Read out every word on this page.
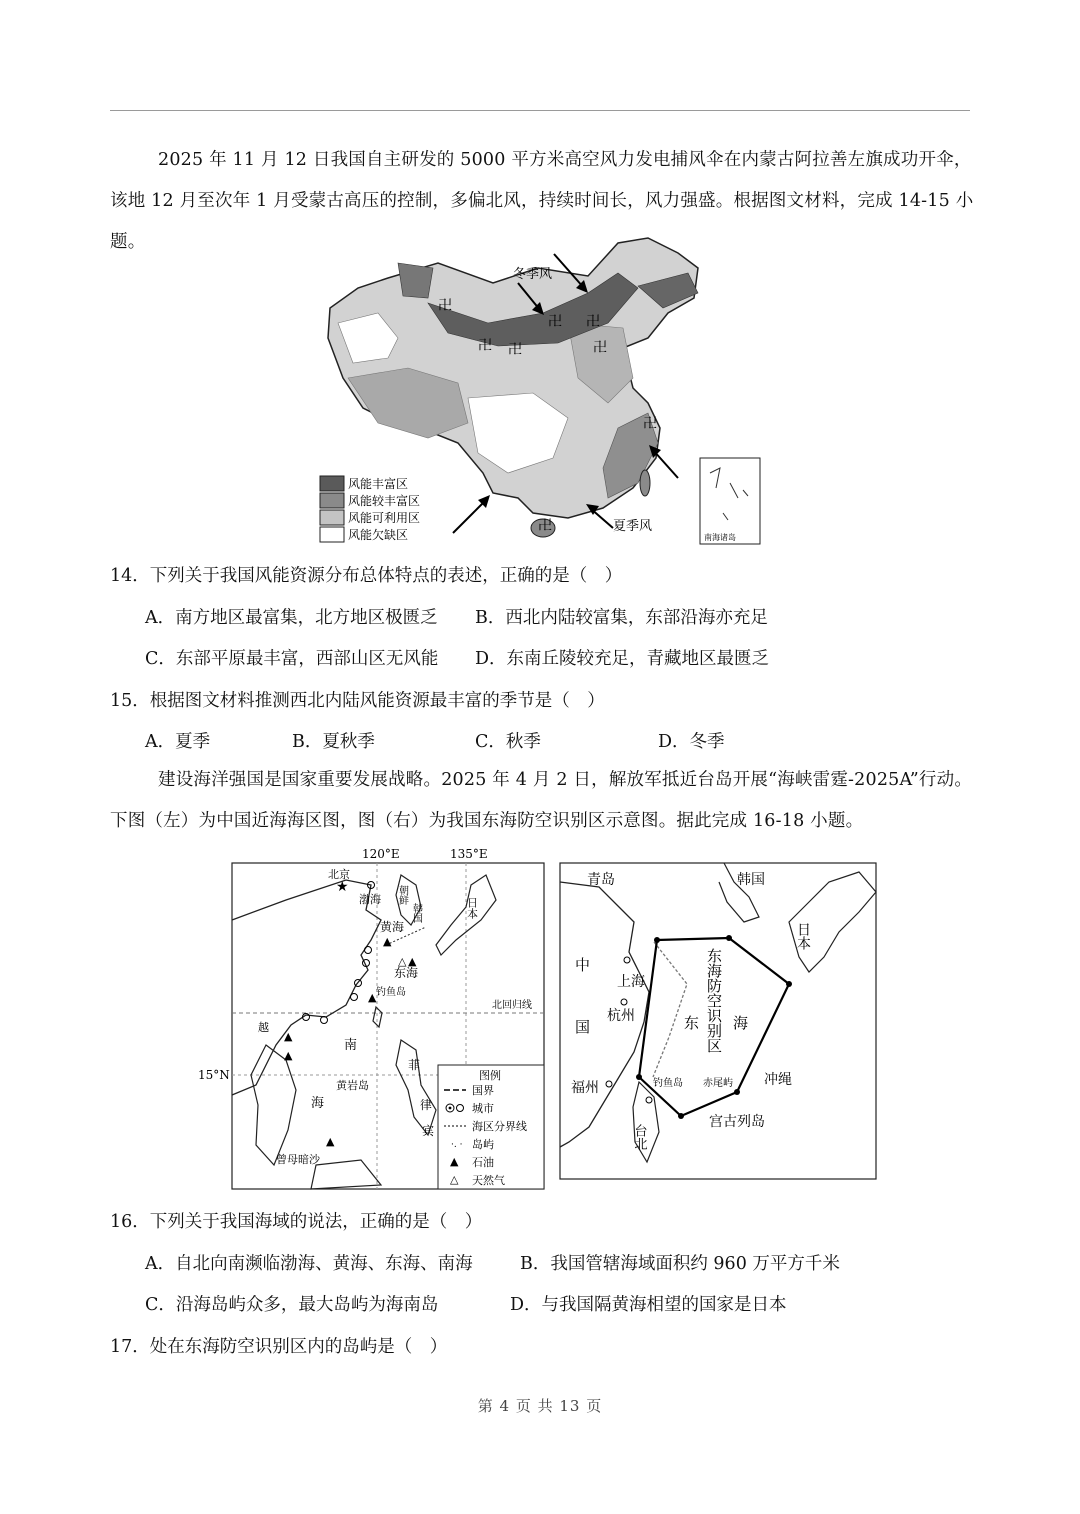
2025 年 11 月 12 日我国自主研发的 5000 平方米高空风力发电捕风伞在内蒙古阿拉善左旗成功开伞，该地 12 月至次年 1 月受蒙古高压的控制，多偏北风，持续时间长，风力强盛。根据图文材料，完成 14-15 小题。
卍
卍 卍
卍 卍
卍
卍
卍
冬季风
夏季风
风能丰富区
风能较丰富区
风能可利用区
风能欠缺区	南海诸岛
14．下列关于我国风能资源分布总体特点的表述，正确的是（　）
A．南方地区最富集，北方地区极匮乏 B．西北内陆较富集，东部沿海亦充足
C．东部平原最丰富，西部山区无风能 D．东南丘陵较充足，青藏地区最匮乏
15．根据图文材料推测西北内陆风能资源最丰富的季节是（　）
A．夏季	B．夏秋季	C．秋季	D．冬季
建设海洋强国是国家重要发展战略。2025 年 4 月 2 日，解放军抵近台岛开展“海峡雷霆-2025A”行动。下图（左）为中国近海海区图，图（右）为我国东海防空识别区示意图。据此完成 16-18 小题。
120°E	135°E
15°N
北回归线
★
北京
渤海 朝鲜
韩国	日本
黄海
东海
钓鱼岛
南
海
越
菲
律
宾
黄岩岛
曾母暗沙
▲
△ ▲
▲
▲
▲
▲
图例
国界
城市
海区分界线
·. · 岛屿
▲ 石油
△ 天然气
青岛	韩国
日本
中
国
上海
杭州
福州
台北
东海防空识别区
东 海
钓鱼岛 赤尾屿 冲绳
宫古列岛
16．下列关于我国海域的说法，正确的是（　）
A．自北向南濒临渤海、黄海、东海、南海	B．我国管辖海域面积约 960 万平方千米
C．沿海岛屿众多，最大岛屿为海南岛	D．与我国隔黄海相望的国家是日本
17．处在东海防空识别区内的岛屿是（　）
第 4 页 共 13 页
